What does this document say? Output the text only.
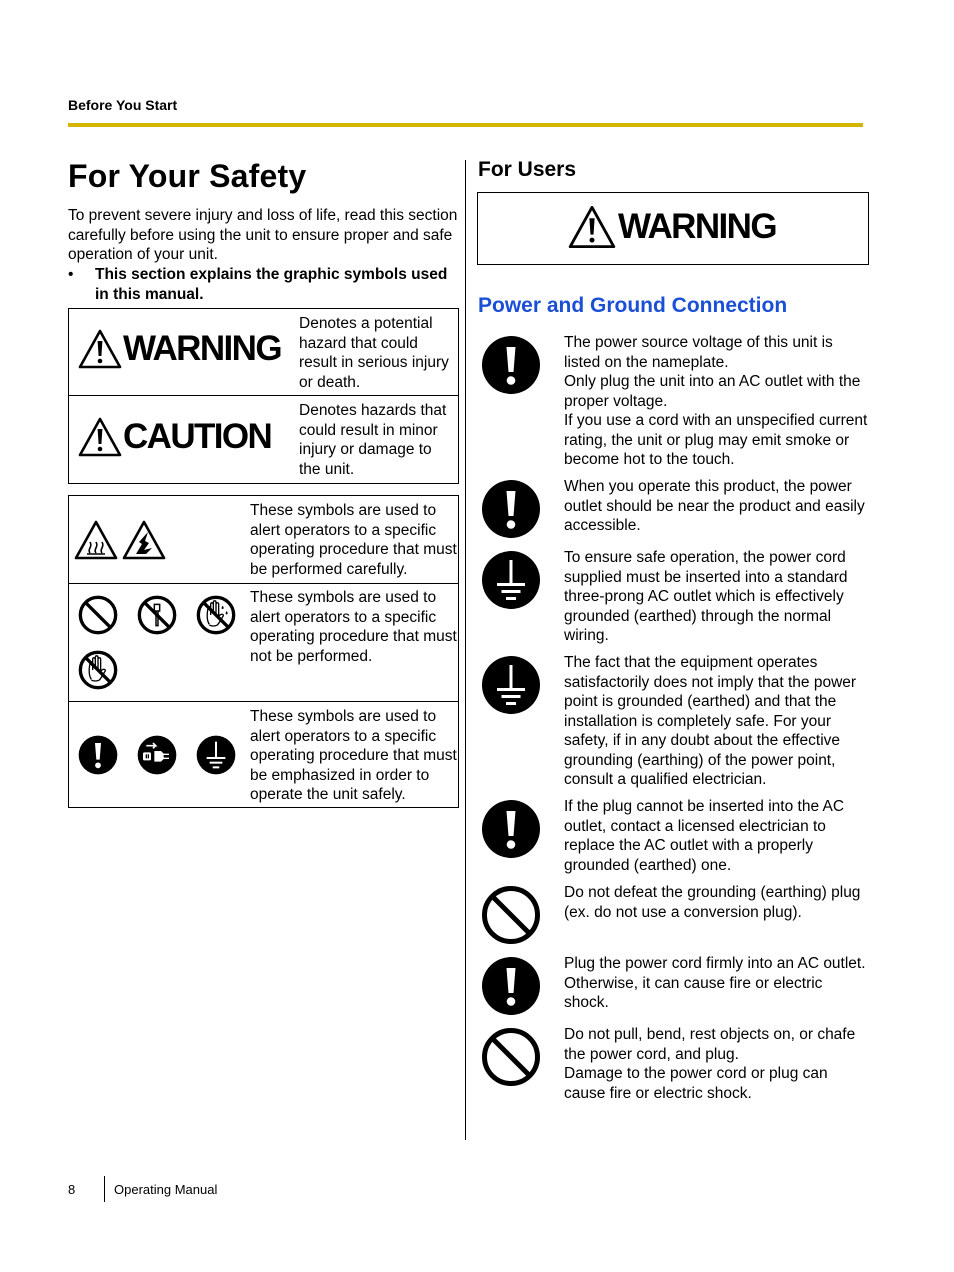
Before You Start
For Your Safety
To prevent severe injury and loss of life, read this section carefully before using the unit to ensure proper and safe operation of your unit.
•	This section explains the graphic symbols used in this manual.
WARNING
Denotes a potential hazard that could result in serious injury or death.
CAUTION
Denotes hazards that could result in minor injury or damage to the unit.
These symbols are used to alert operators to a specific operating procedure that must be performed carefully.
These symbols are used to alert operators to a specific operating procedure that must not be performed.
These symbols are used to alert operators to a specific operating procedure that must be emphasized in order to operate the unit safely.
For Users
WARNING
Power and Ground Connection
The power source voltage of this unit is listed on the nameplate.
Only plug the unit into an AC outlet with the proper voltage.
If you use a cord with an unspecified current rating, the unit or plug may emit smoke or become hot to the touch.
When you operate this product, the power outlet should be near the product and easily accessible.
To ensure safe operation, the power cord supplied must be inserted into a standard three-prong AC outlet which is effectively grounded (earthed) through the normal wiring.
The fact that the equipment operates satisfactorily does not imply that the power point is grounded (earthed) and that the installation is completely safe. For your safety, if in any doubt about the effective grounding (earthing) of the power point, consult a qualified electrician.
If the plug cannot be inserted into the AC outlet, contact a licensed electrician to replace the AC outlet with a properly grounded (earthed) one.
Do not defeat the grounding (earthing) plug (ex. do not use a conversion plug).
Plug the power cord firmly into an AC outlet. Otherwise, it can cause fire or electric shock.
Do not pull, bend, rest objects on, or chafe the power cord, and plug.
Damage to the power cord or plug can cause fire or electric shock.
8	Operating Manual
